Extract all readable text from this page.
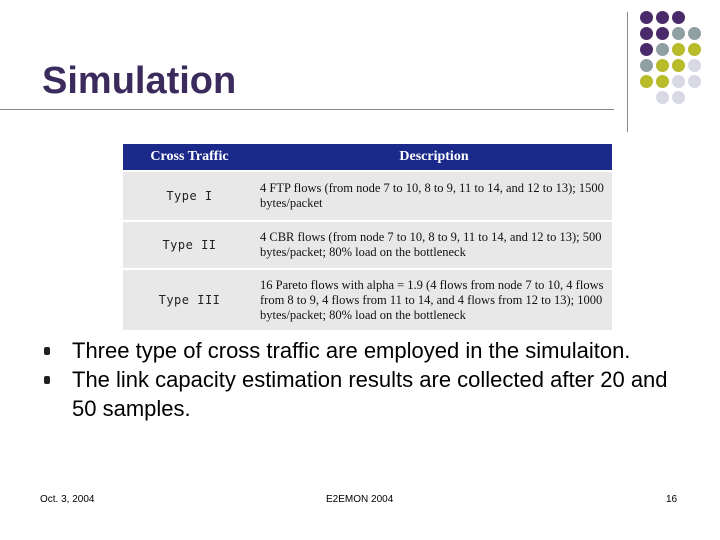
Simulation
Cross Traffic	Description
Type I	4 FTP flows (from node 7 to 10, 8 to 9, 11 to 14, and 12 to 13); 1500 bytes/packet
Type II	4 CBR flows (from node 7 to 10, 8 to 9, 11 to 14, and 12 to 13); 500 bytes/packet; 80% load on the bottleneck
Type III	16 Pareto flows with alpha = 1.9 (4 flows from node 7 to 10, 4 flows from 8 to 9, 4 flows from 11 to 14, and 4 flows from 12 to 13); 1000 bytes/packet; 80% load on the bottleneck
Three type of cross traffic are employed in the simulaiton.
The link capacity estimation results are collected after 20 and 50 samples.
Oct. 3, 2004	E2EMON 2004	16
